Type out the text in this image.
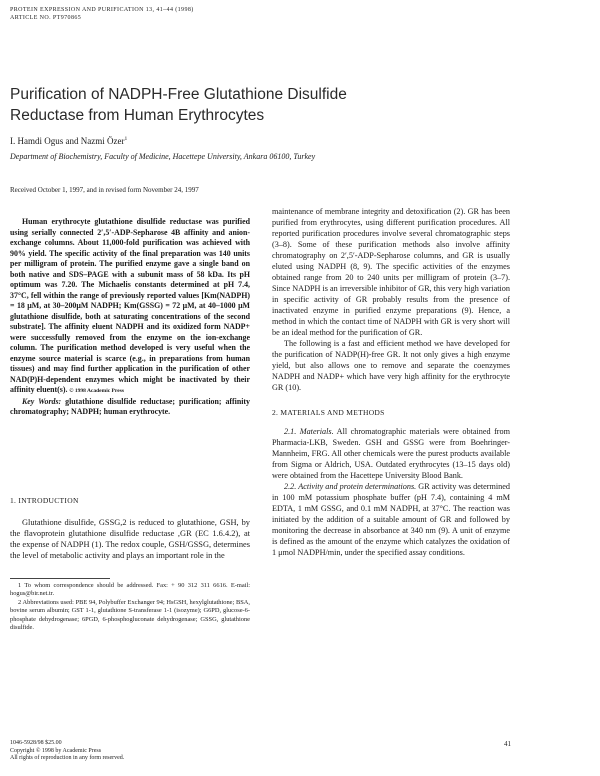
PROTEIN EXPRESSION AND PURIFICATION 13, 41–44 (1998)
ARTICLE NO. PT970865
Purification of NADPH-Free Glutathione Disulfide
Reductase from Human Erythrocytes
I. Hamdi Ogus and Nazmi Özer$^1$
Department of Biochemistry, Faculty of Medicine, Hacettepe University, Ankara 06100, Turkey
Received October 1, 1997, and in revised form November 24, 1997

Human erythrocyte glutathione disulfide reductase was purified using serially connected 2′,5′-ADP-Sepharose 4B affinity and anion-exchange columns. About 11,000-fold purification was achieved with 90% yield. The specific activity of the final preparation was 140 units per milligram of protein. The purified enzyme gave a single band on both native and SDS–PAGE with a subunit mass of 58 kDa. Its pH optimum was 7.20. The Michaelis constants determined at pH 7.4, 37°C, fell within the range of previously reported values [Km(NADPH) = 18 μM, at 30–200μM NADPH; Km(GSSG) = 72 μM, at 40–1000 μM glutathione disulfide, both at saturating concentrations of the second substrate]. The affinity eluent NADPH and its oxidized form NADP+ were successfully removed from the enzyme on the ion-exchange column. The purification method developed is very useful when the enzyme source material is scarce (e.g., in preparations from human tissues) and may find further application in the purification of other NAD(P)H-dependent enzymes which might be inactivated by their affinity eluent(s). © 1998 Academic Press

Key Words: glutathione disulfide reductase; purification; affinity chromatography; NADPH; human erythrocyte.

1. INTRODUCTION

Glutathione disulfide, GSSG,2 is reduced to glutathione, GSH, by the flavoprotein glutathione disulfide reductase ,GR (EC 1.6.4.2), at the expense of NADPH (1). The redox couple, GSH/GSSG, determines the level of metabolic activity and plays an important role in the

1 To whom correspondence should be addressed. Fax: + 90 312 311 6616. E-mail: hogus@bir.net.tr.

2 Abbreviations used: PBE 94, Polybuffer Exchanger 94; HsGSH, hexylglutathione; BSA, bovine serum albumin; GST 1-1, glutathione S-transferase 1-1 (isozyme); G6PD, glucose-6-phosphate dehydrogenase; 6PGD, 6-phosphogluconate dehydrogenase; GSSG, glutathione disulfide.

1046-5928/98 $25.00
Copyright © 1998 by Academic Press
All rights of reproduction in any form reserved.
41

maintenance of membrane integrity and detoxification (2). GR has been purified from erythrocytes, using different purification procedures. All reported purification procedures involve several chromatographic steps (3–8). Some of these purification methods also involve affinity chromatography on 2′,5′-ADP-Sepharose columns, and GR is usually eluted using NADPH (8, 9). The specific activities of the enzymes obtained range from 20 to 240 units per milligram of protein (3–7). Since NADPH is an irreversible inhibitor of GR, this very high variation in specific activity of GR probably results from the presence of inactivated enzyme in purified enzyme preparations (9). Hence, a method in which the contact time of NADPH with GR is very short will be an ideal method for the purification of GR.

The following is a fast and efficient method we have developed for the purification of NADP(H)-free GR. It not only gives a high enzyme yield, but also allows one to remove and separate the coenzymes NADPH and NADP+ which have very high affinity for the erythrocyte GR (10).

2. MATERIALS AND METHODS

2.1. Materials. All chromatographic materials were obtained from Pharmacia-LKB, Sweden. GSH and GSSG were from Boehringer-Mannheim, FRG. All other chemicals were the purest products available from Sigma or Aldrich, USA. Outdated erythrocytes (13–15 days old) were obtained from the Hacettepe University Blood Bank.

2.2. Activity and protein determinations. GR activity was determined in 100 mM potassium phosphate buffer (pH 7.4), containing 4 mM EDTA, 1 mM GSSG, and 0.1 mM NADPH, at 37°C. The reaction was initiated by the addition of a suitable amount of GR and followed by monitoring the decrease in absorbance at 340 nm (9). A unit of enzyme is defined as the amount of the enzyme which catalyzes the oxidation of 1 μmol NADPH/min, under the specified assay conditions.
